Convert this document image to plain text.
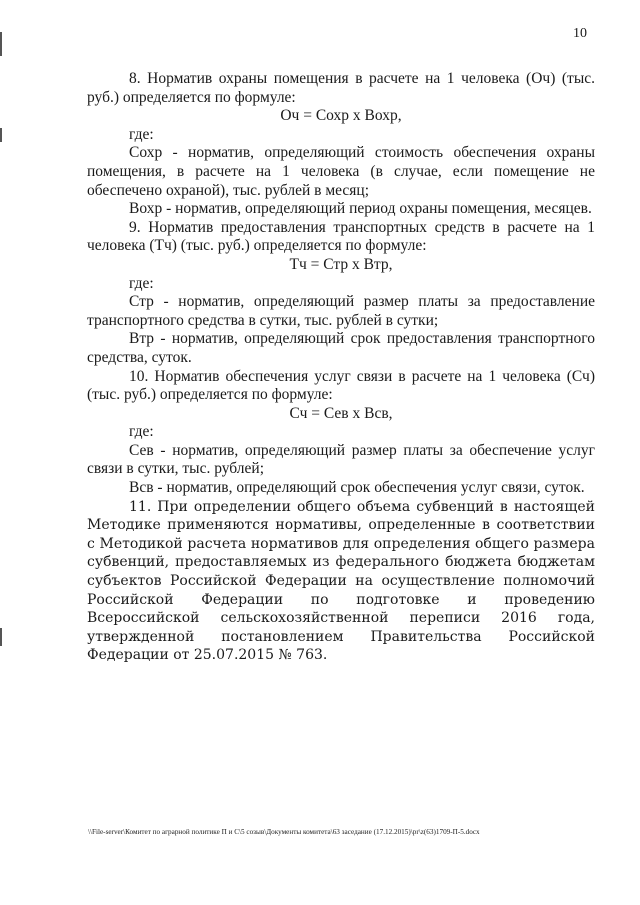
10

8. Норматив охраны помещения в расчете на 1 человека (Оч) (тыс. руб.) определяется по формуле:

Оч = Сохр х Вохр,

где:

Сохр - норматив, определяющий стоимость обеспечения охраны помещения, в расчете на 1 человека (в случае, если помещение не обеспечено охраной), тыс. рублей в месяц;

Вохр - норматив, определяющий период охраны помещения, месяцев.

9. Норматив предоставления транспортных средств в расчете на 1 человека (Тч) (тыс. руб.) определяется по формуле:

Тч = Стр х Втр,

где:

Стр - норматив, определяющий размер платы за предоставление транспортного средства в сутки, тыс. рублей в сутки;

Втр - норматив, определяющий срок предоставления транспортного средства, суток.

10. Норматив обеспечения услуг связи в расчете на 1 человека (Сч) (тыс. руб.) определяется по формуле:

Сч = Сев х Всв,

где:

Сев - норматив, определяющий размер платы за обеспечение услуг связи в сутки, тыс. рублей;

Всв - норматив, определяющий срок обеспечения услуг связи, суток.

11. При определении общего объема субвенций в настоящей Методике применяются нормативы, определенные в соответствии с Методикой расчета нормативов для определения общего размера субвенций, предоставляемых из федерального бюджета бюджетам субъектов Российской Федерации на осуществление полномочий Российской Федерации по подготовке и проведению Всероссийской сельскохозяйственной переписи 2016 года, утвержденной постановлением Правительства Российской Федерации от 25.07.2015 № 763.

\\File-server\Комитет по аграрной политике П и С\5 созыв\Документы комитета\63 заседание (17.12.2015)\pr\z(63)1709-П-5.docx
